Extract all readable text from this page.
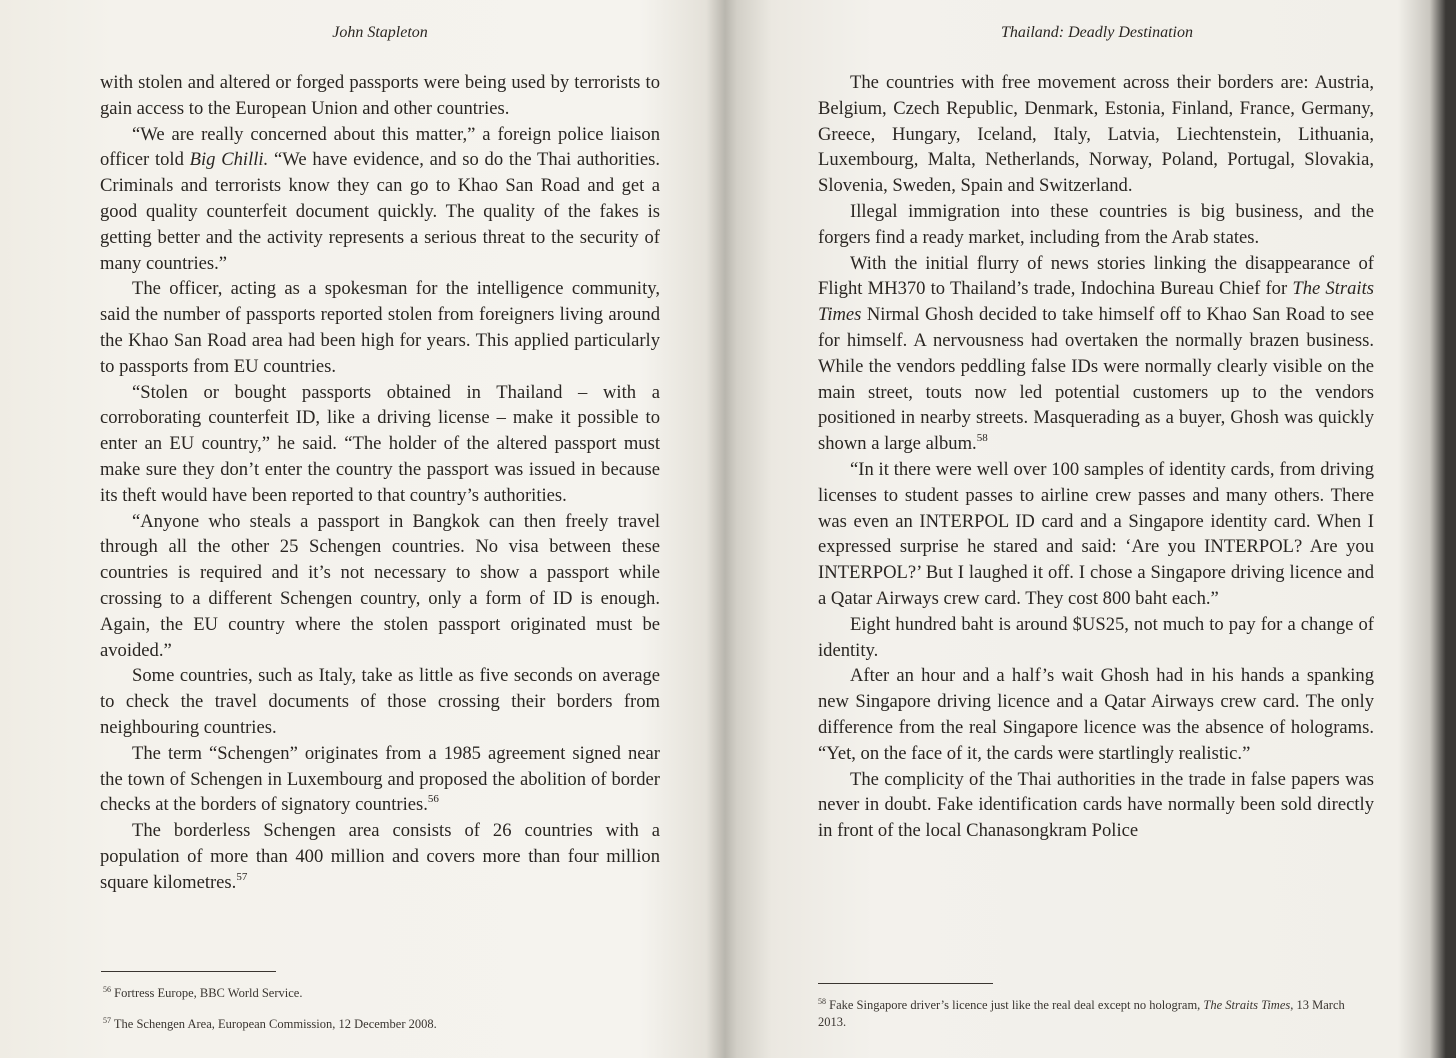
John Stapleton

with stolen and altered or forged passports were being used by terrorists to gain access to the European Union and other countries.

“We are really concerned about this matter,” a foreign police liaison officer told Big Chilli. “We have evidence, and so do the Thai authorities. Criminals and terrorists know they can go to Khao San Road and get a good quality counterfeit document quickly. The quality of the fakes is getting better and the activity represents a serious threat to the security of many countries.”

The officer, acting as a spokesman for the intelligence community, said the number of passports reported stolen from foreigners living around the Khao San Road area had been high for years. This applied particularly to passports from EU countries.

“Stolen or bought passports obtained in Thailand – with a corroborating counterfeit ID, like a driving license – make it possible to enter an EU country,” he said. “The holder of the altered passport must make sure they don’t enter the country the passport was issued in because its theft would have been reported to that country’s authorities.

“Anyone who steals a passport in Bangkok can then freely travel through all the other 25 Schengen countries. No visa between these countries is required and it’s not necessary to show a passport while crossing to a different Schengen country, only a form of ID is enough. Again, the EU country where the stolen passport originated must be avoided.”

Some countries, such as Italy, take as little as five seconds on average to check the travel documents of those crossing their borders from neighbouring countries.

The term “Schengen” originates from a 1985 agreement signed near the town of Schengen in Luxembourg and proposed the abolition of border checks at the borders of signatory countries.$^{56}$

The borderless Schengen area consists of 26 countries with a population of more than 400 million and covers more than four million square kilometres.$^{57}$

$^{56}$ Fortress Europe, BBC World Service.
$^{57}$ The Schengen Area, European Commission, 12 December 2008.
Thailand: Deadly Destination

The countries with free movement across their borders are: Austria, Belgium, Czech Republic, Denmark, Estonia, Finland, France, Germany, Greece, Hungary, Iceland, Italy, Latvia, Liechtenstein, Lithuania, Luxembourg, Malta, Netherlands, Norway, Poland, Portugal, Slovakia, Slovenia, Sweden, Spain and Switzerland.

Illegal immigration into these countries is big business, and the forgers find a ready market, including from the Arab states.

With the initial flurry of news stories linking the disappearance of Flight MH370 to Thailand’s trade, Indochina Bureau Chief for The Straits Times Nirmal Ghosh decided to take himself off to Khao San Road to see for himself. A nervousness had overtaken the normally brazen business. While the vendors peddling false IDs were normally clearly visible on the main street, touts now led potential customers up to the vendors positioned in nearby streets. Masquerading as a buyer, Ghosh was quickly shown a large album.$^{58}$

“In it there were well over 100 samples of identity cards, from driving licenses to student passes to airline crew passes and many others. There was even an INTERPOL ID card and a Singapore identity card. When I expressed surprise he stared and said: ‘Are you INTERPOL? Are you INTERPOL?’ But I laughed it off. I chose a Singapore driving licence and a Qatar Airways crew card. They cost 800 baht each.”

Eight hundred baht is around $US25, not much to pay for a change of identity.

After an hour and a half’s wait Ghosh had in his hands a spanking new Singapore driving licence and a Qatar Airways crew card. The only difference from the real Singapore licence was the absence of holograms. “Yet, on the face of it, the cards were startlingly realistic.”

The complicity of the Thai authorities in the trade in false papers was never in doubt. Fake identification cards have normally been sold directly in front of the local Chanasongkram Police

$^{58}$ Fake Singapore driver’s licence just like the real deal except no hologram, The Straits Times, 13 March 2013.
